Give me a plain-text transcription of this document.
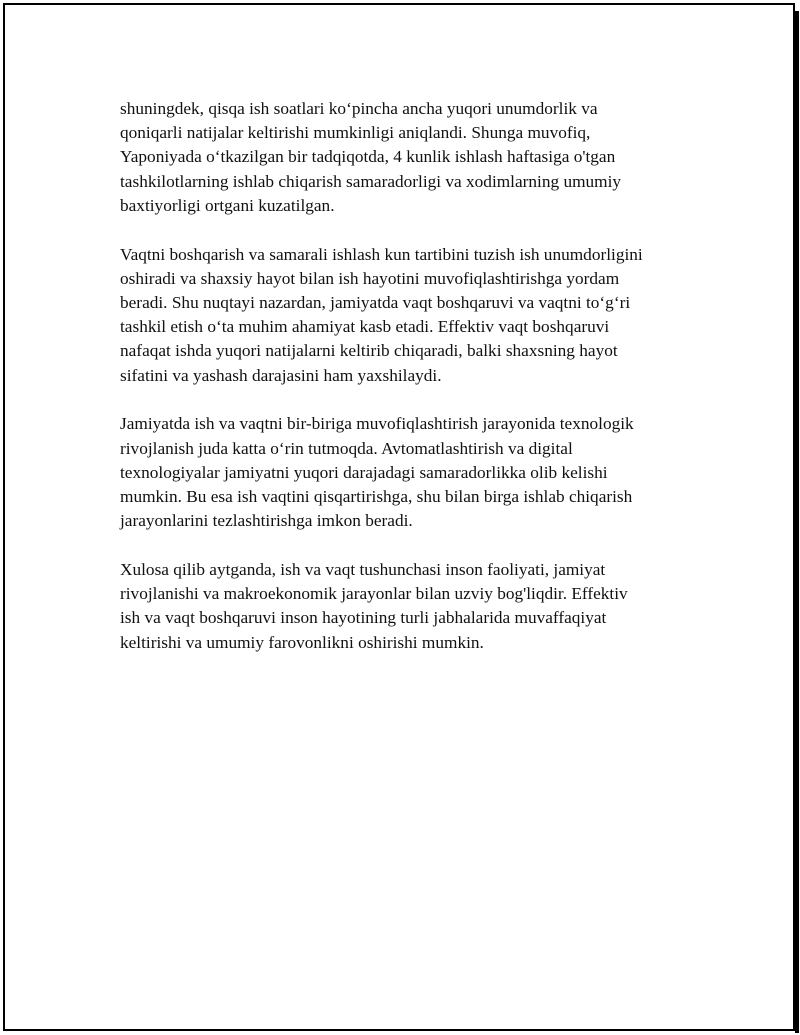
shuningdek, qisqa ish soatlari ko‘pincha ancha yuqori unumdorlik va
qoniqarli natijalar keltirishi mumkinligi aniqlandi. Shunga muvofiq,
Yaponiyada o‘tkazilgan bir tadqiqotda, 4 kunlik ishlash haftasiga o'tgan
tashkilotlarning ishlab chiqarish samaradorligi va xodimlarning umumiy
baxtiyorligi ortgani kuzatilgan.

Vaqtni boshqarish va samarali ishlash kun tartibini tuzish ish unumdorligini
oshiradi va shaxsiy hayot bilan ish hayotini muvofiqlashtirishga yordam
beradi. Shu nuqtayi nazardan, jamiyatda vaqt boshqaruvi va vaqtni to‘g‘ri
tashkil etish o‘ta muhim ahamiyat kasb etadi. Effektiv vaqt boshqaruvi
nafaqat ishda yuqori natijalarni keltirib chiqaradi, balki shaxsning hayot
sifatini va yashash darajasini ham yaxshilaydi.

Jamiyatda ish va vaqtni bir-biriga muvofiqlashtirish jarayonida texnologik
rivojlanish juda katta o‘rin tutmoqda. Avtomatlashtirish va digital
texnologiyalar jamiyatni yuqori darajadagi samaradorlikka olib kelishi
mumkin. Bu esa ish vaqtini qisqartirishga, shu bilan birga ishlab chiqarish
jarayonlarini tezlashtirishga imkon beradi.

Xulosa qilib aytganda, ish va vaqt tushunchasi inson faoliyati, jamiyat
rivojlanishi va makroekonomik jarayonlar bilan uzviy bog'liqdir. Effektiv
ish va vaqt boshqaruvi inson hayotining turli jabhalarida muvaffaqiyat
keltirishi va umumiy farovonlikni oshirishi mumkin.
